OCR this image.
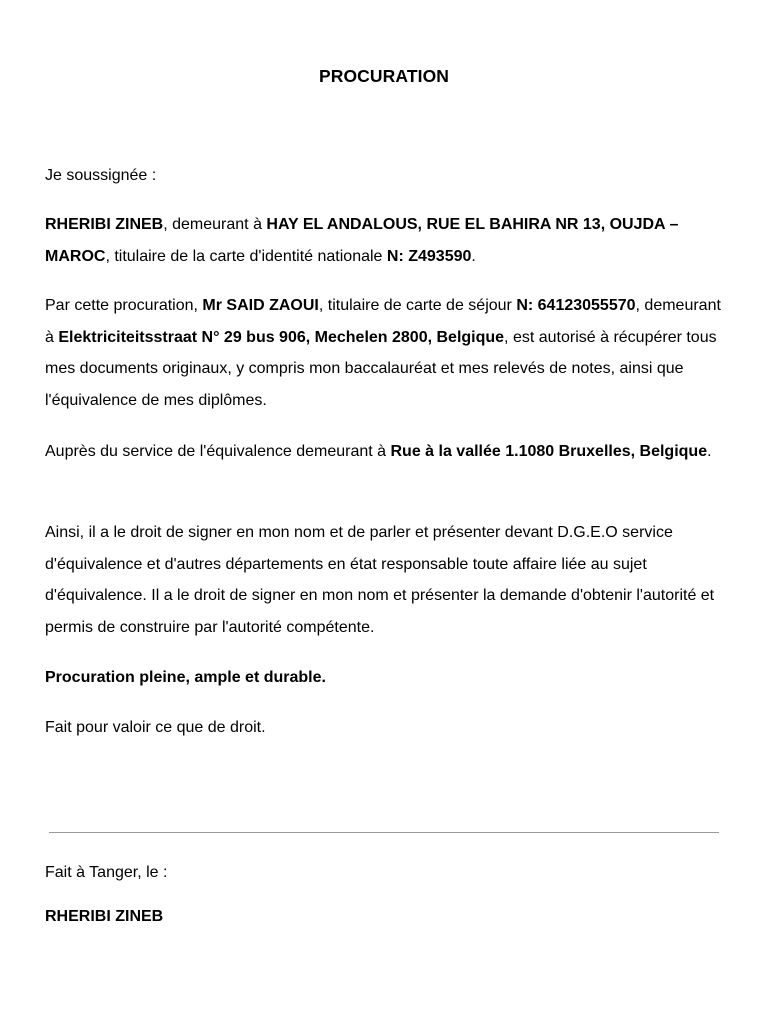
PROCURATION

Je soussignée :

RHERIBI ZINEB, demeurant à HAY EL ANDALOUS, RUE EL BAHIRA NR 13, OUJDA – MAROC, titulaire de la carte d'identité nationale N: Z493590.

Par cette procuration, Mr SAID ZAOUI, titulaire de carte de séjour N: 64123055570, demeurant à Elektriciteitsstraat N° 29 bus 906, Mechelen 2800, Belgique, est autorisé à récupérer tous mes documents originaux, y compris mon baccalauréat et mes relevés de notes, ainsi que l'équivalence de mes diplômes.

Auprès du service de l'équivalence demeurant à Rue à la vallée 1.1080 Bruxelles, Belgique.

Ainsi, il a le droit de signer en mon nom et de parler et présenter devant D.G.E.O service d'équivalence et d'autres départements en état responsable toute affaire liée au sujet d'équivalence. Il a le droit de signer en mon nom et présenter la demande d'obtenir l'autorité et permis de construire par l'autorité compétente.

Procuration pleine, ample et durable.

Fait pour valoir ce que de droit.

Fait à Tanger, le :

RHERIBI ZINEB
